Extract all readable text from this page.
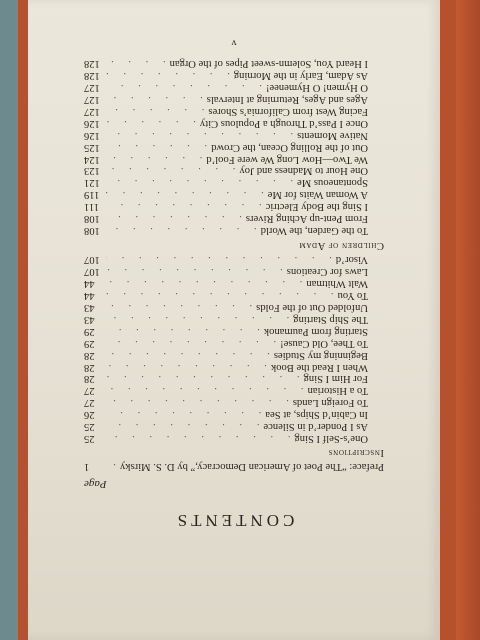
CONTENTS
Page
Preface: “The Poet of American Democracy,” by D. S. Mirsky
. . .
1
Inscriptions
One’s-Self I Sing
. . .
25
As I Ponder’d in Silence
. . .
25
In Cabin’d Ships, at Sea
. . .
26
To Foreign Lands
. . .
27
To a Historian
. . .
27
For Him I Sing
. . .
28
When I Read the Book
. . .
28
Beginning my Studies
. . .
28
To Thee, Old Cause!
. . .
29
Starting from Paumanok
. . .
29
The Ship Starting
. . .
43
Unfolded Out of the Folds
. . .
43
To You
. . .
44
Walt Whitman
. . .
44
Laws for Creations
. . .
107
Visor’d
. . .
107
Children of Adam
To the Garden, the World
. . .
108
From Pent-up Aching Rivers
. . .
108
I Sing the Body Electric
. . .
111
A Woman Waits for Me
. . .
119
Spontaneous Me
. . .
121
One Hour to Madness and Joy
. . .
123
We Two—How Long We were Fool’d
. . .
124
Out of the Rolling Ocean, the Crowd
. . .
125
Native Moments
. . .
126
Once I Pass’d Through a Populous City
. . .
126
Facing West from California’s Shores
. . .
127
Ages and Ages, Returning at Intervals
. . .
127
O Hymen! O Hymenee!
. . .
127
As Adam, Early in the Morning
. . .
128
I Heard You, Solemn-sweet Pipes of the Organ
. . .
128
v
